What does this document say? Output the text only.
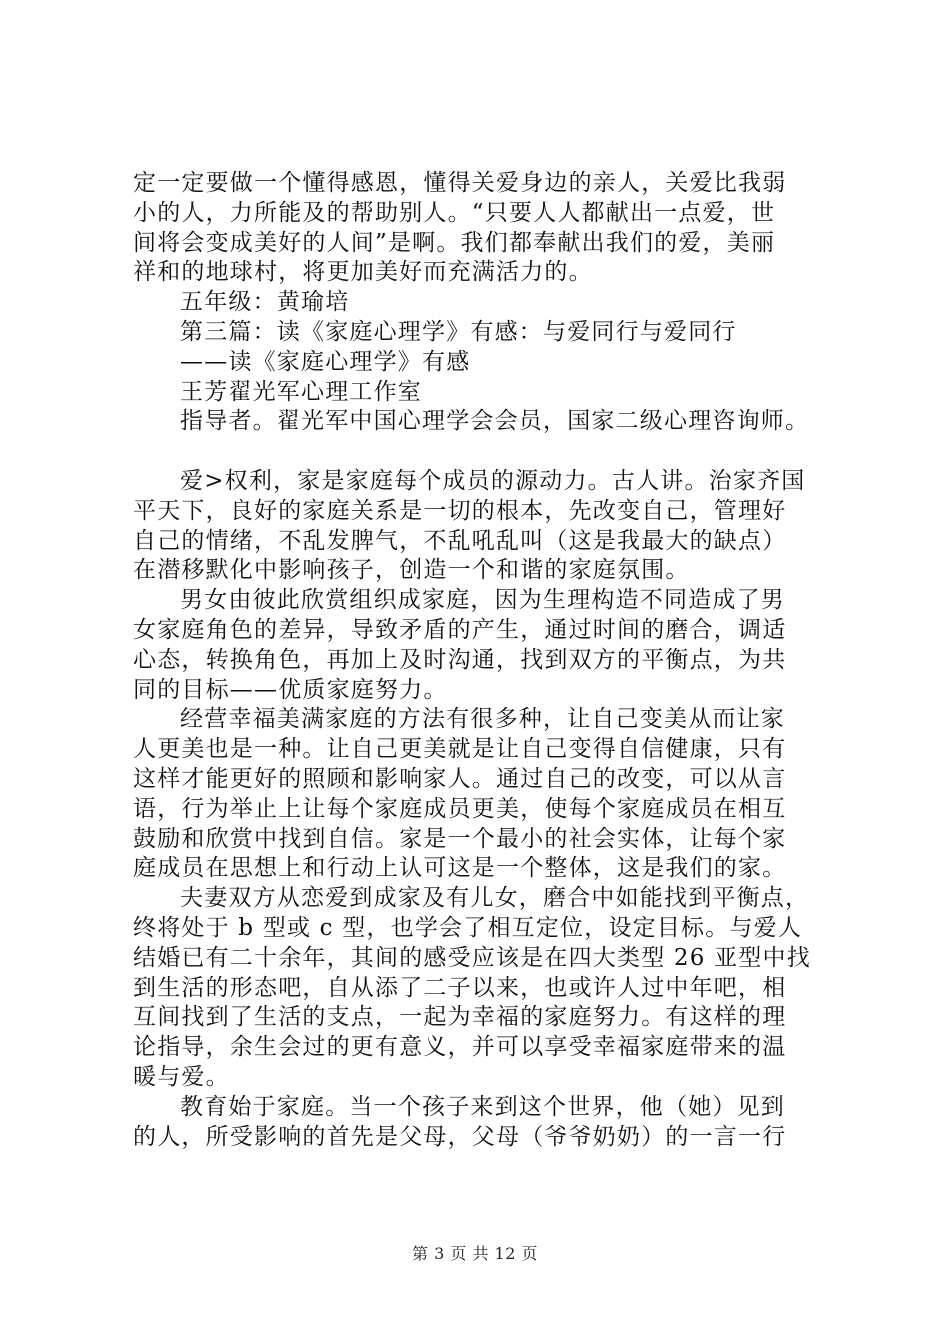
定一定要做一个懂得感恩，懂得关爱身边的亲人，关爱比我弱
小的人，力所能及的帮助别人。“只要人人都献出一点爱，世
间将会变成美好的人间”是啊。我们都奉献出我们的爱，美丽
祥和的地球村，将更加美好而充满活力的。
五年级：黄瑜培
第三篇：读《家庭心理学》有感：与爱同行与爱同行
——读《家庭心理学》有感
王芳翟光军心理工作室
指导者。翟光军中国心理学会会员，国家二级心理咨询师。
爱>权利，家是家庭每个成员的源动力。古人讲。治家齐国
平天下，良好的家庭关系是一切的根本，先改变自己，管理好
自己的情绪，不乱发脾气，不乱吼乱叫（这是我最大的缺点）
在潜移默化中影响孩子，创造一个和谐的家庭氛围。
男女由彼此欣赏组织成家庭，因为生理构造不同造成了男
女家庭角色的差异，导致矛盾的产生，通过时间的磨合，调适
心态，转换角色，再加上及时沟通，找到双方的平衡点，为共
同的目标——优质家庭努力。
经营幸福美满家庭的方法有很多种，让自己变美从而让家
人更美也是一种。让自己更美就是让自己变得自信健康，只有
这样才能更好的照顾和影响家人。通过自己的改变，可以从言
语，行为举止上让每个家庭成员更美，使每个家庭成员在相互
鼓励和欣赏中找到自信。家是一个最小的社会实体，让每个家
庭成员在思想上和行动上认可这是一个整体，这是我们的家。
夫妻双方从恋爱到成家及有儿女，磨合中如能找到平衡点，
终将处于 b 型或 c 型，也学会了相互定位，设定目标。与爱人
结婚已有二十余年，其间的感受应该是在四大类型 26 亚型中找
到生活的形态吧，自从添了二子以来，也或许人过中年吧，相
互间找到了生活的支点，一起为幸福的家庭努力。有这样的理
论指导，余生会过的更有意义，并可以享受幸福家庭带来的温
暖与爱。
教育始于家庭。当一个孩子来到这个世界，他（她）见到
的人，所受影响的首先是父母，父母（爷爷奶奶）的一言一行
第 3 页 共 12 页
